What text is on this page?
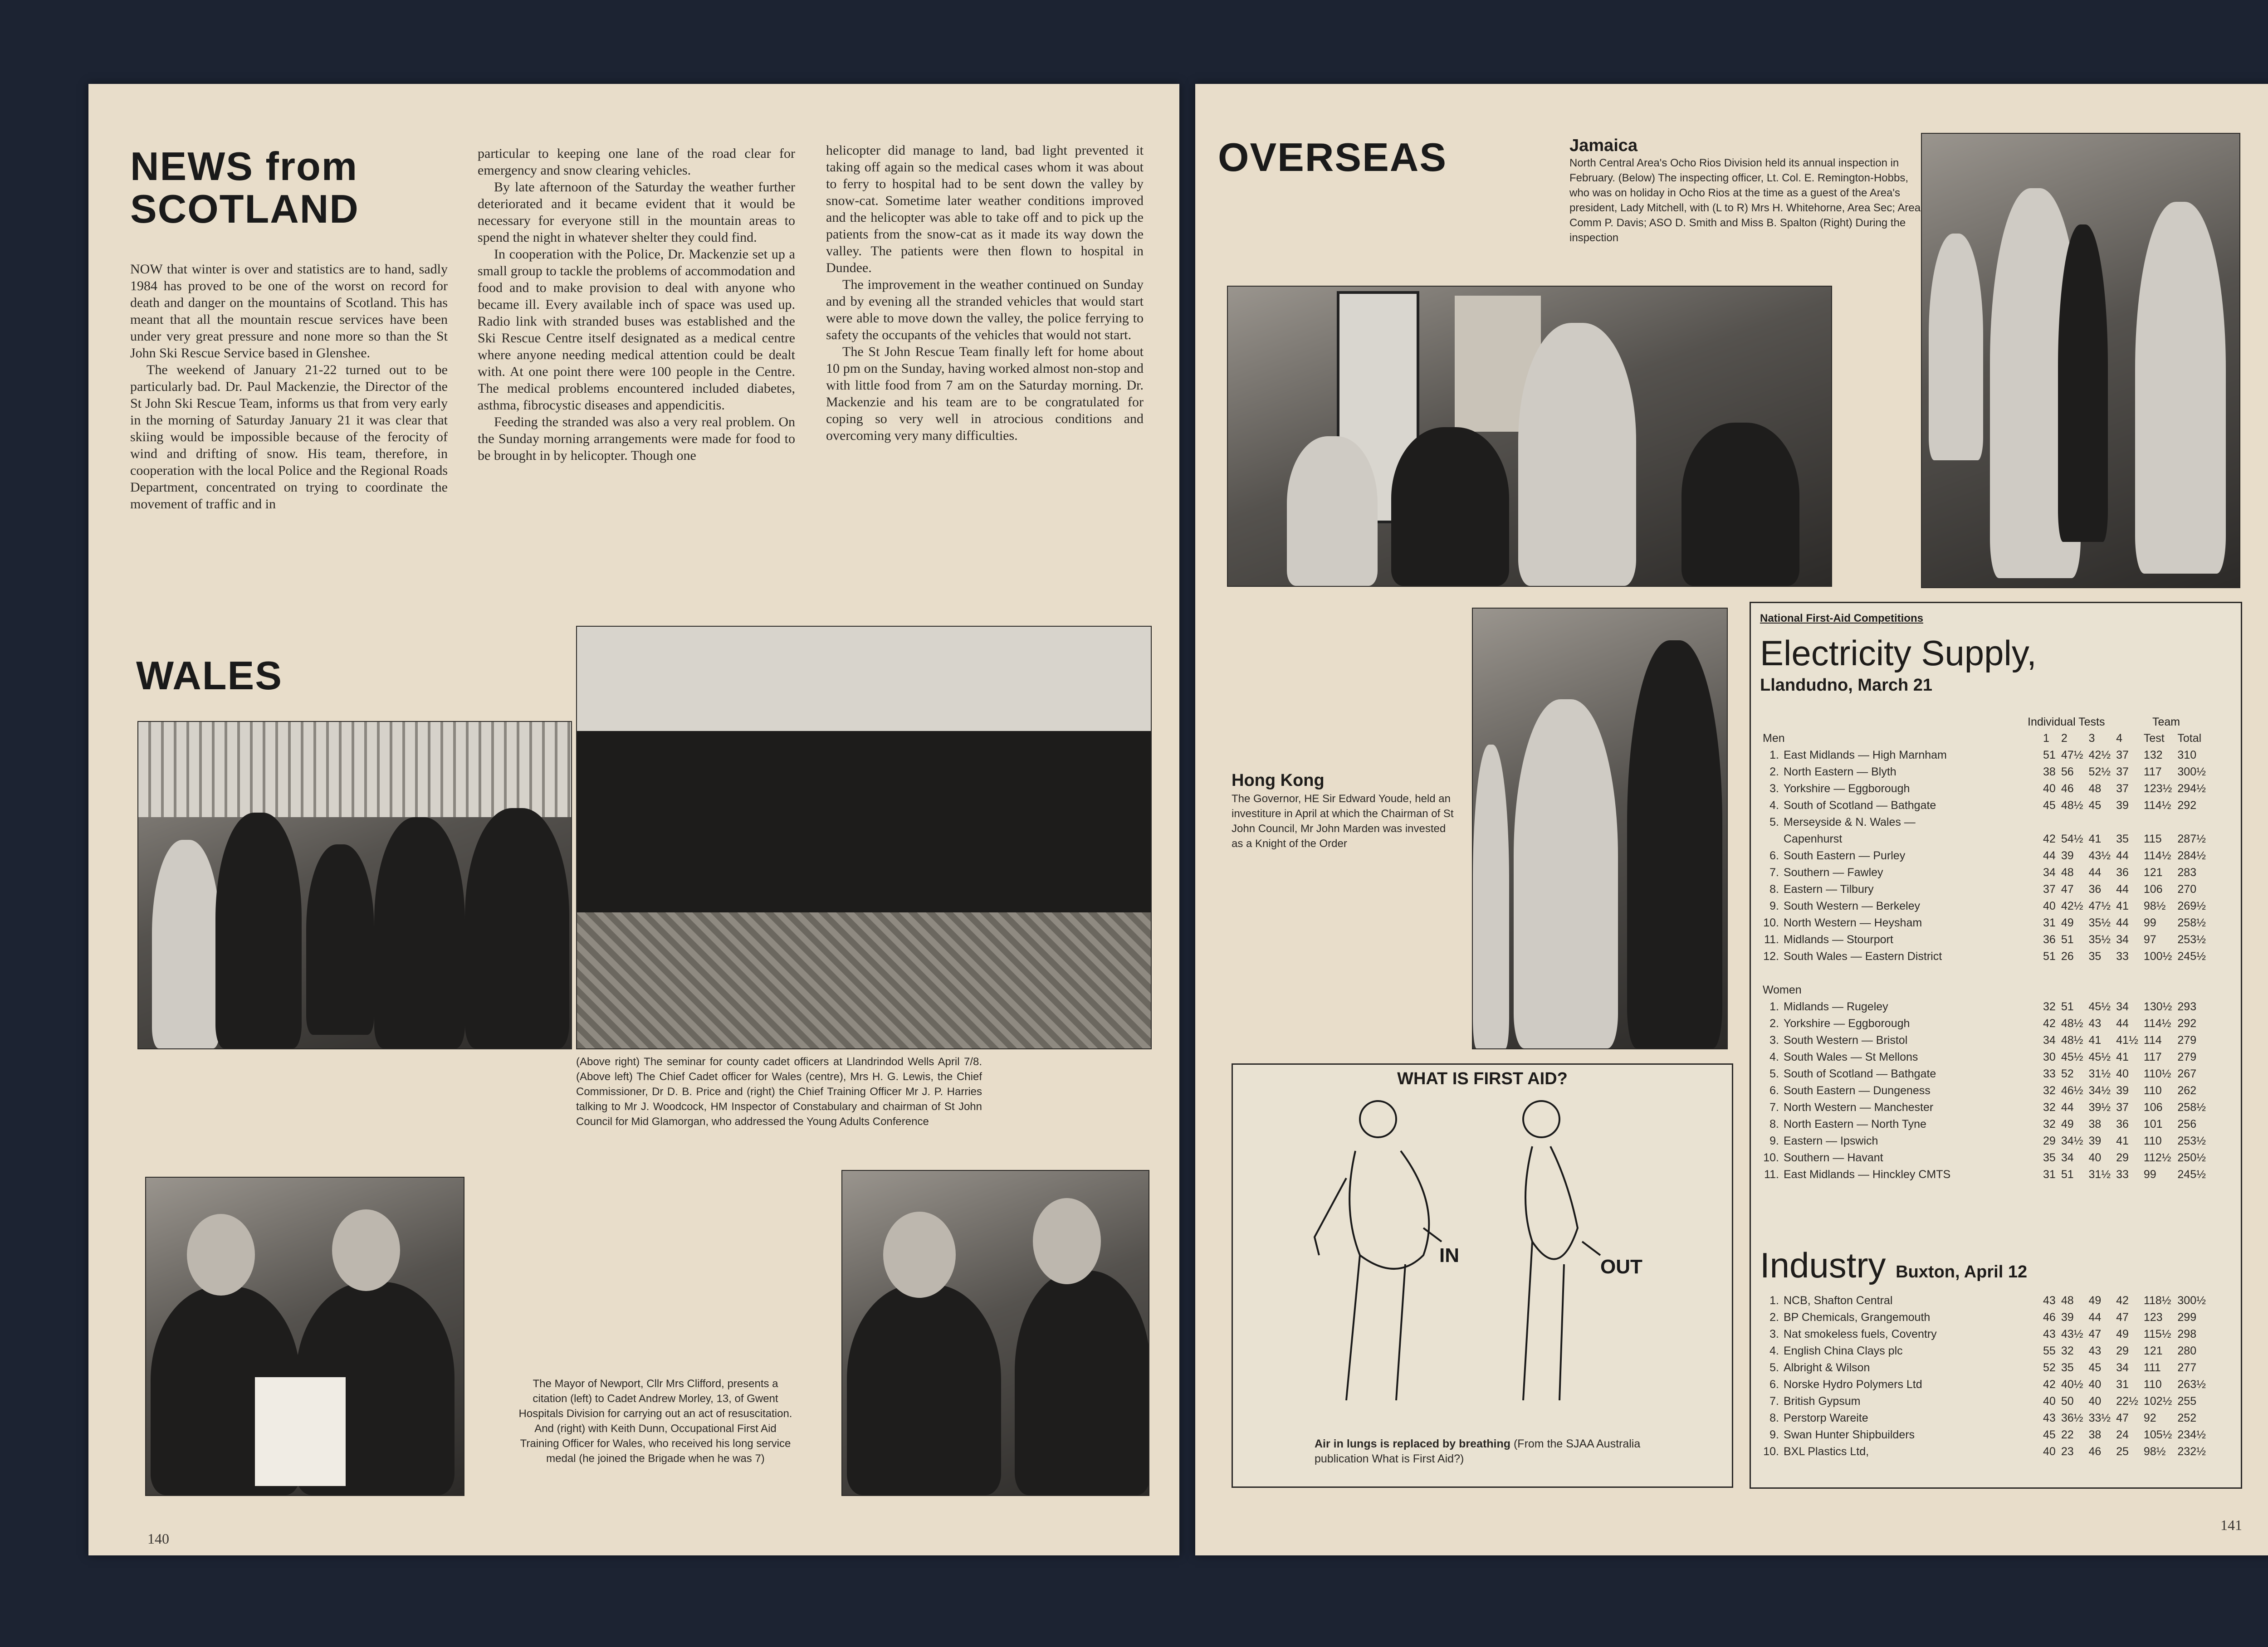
NEWS from
SCOTLAND

NOW that winter is over and statistics are to hand, sadly 1984 has proved to be one of the worst on record for death and danger on the mountains of Scotland. This has meant that all the mountain rescue services have been under very great pressure and none more so than the St John Ski Rescue Service based in Glenshee.

The weekend of January 21-22 turned out to be particularly bad. Dr. Paul Mackenzie, the Director of the St John Ski Rescue Team, informs us that from very early in the morning of Saturday January 21 it was clear that skiing would be impossible because of the ferocity of wind and drifting of snow. His team, therefore, in cooperation with the local Police and the Regional Roads Department, concentrated on trying to coordinate the movement of traffic and in

particular to keeping one lane of the road clear for emergency and snow clearing vehicles.

By late afternoon of the Saturday the weather further deteriorated and it became evident that it would be necessary for everyone still in the mountain areas to spend the night in whatever shelter they could find.

In cooperation with the Police, Dr. Mackenzie set up a small group to tackle the problems of accommodation and food and to make provision to deal with anyone who became ill. Every available inch of space was used up. Radio link with stranded buses was established and the Ski Rescue Centre itself designated as a medical centre where anyone needing medical attention could be dealt with. At one point there were 100 people in the Centre. The medical problems encountered included diabetes, asthma, fibrocystic diseases and appendicitis.

Feeding the stranded was also a very real problem. On the Sunday morning arrangements were made for food to be brought in by helicopter. Though one

helicopter did manage to land, bad light prevented it taking off again so the medical cases whom it was about to ferry to hospital had to be sent down the valley by snow-cat. Sometime later weather conditions improved and the helicopter was able to take off and to pick up the patients from the snow-cat as it made its way down the valley. The patients were then flown to hospital in Dundee.

The improvement in the weather continued on Sunday and by evening all the stranded vehicles that would start were able to move down the valley, the police ferrying to safety the occupants of the vehicles that would not start.

The St John Rescue Team finally left for home about 10 pm on the Sunday, having worked almost non-stop and with little food from 7 am on the Saturday morning. Dr. Mackenzie and his team are to be congratulated for coping so very well in atrocious conditions and overcoming very many difficulties.

WALES
(Above right) The seminar for county cadet officers at Llandrindod Wells April 7/8. (Above left) The Chief Cadet officer for Wales (centre), Mrs H. G. Lewis, the Chief Commissioner, Dr D. B. Price and (right) the Chief Training Officer Mr J. P. Harries talking to Mr J. Woodcock, HM Inspector of Constabulary and chairman of St John Council for Mid Glamorgan, who addressed the Young Adults Conference
The Mayor of Newport, Cllr Mrs Clifford, presents a citation (left) to Cadet Andrew Morley, 13, of Gwent Hospitals Division for carrying out an act of resuscitation. And (right) with Keith Dunn, Occupational First Aid Training Officer for Wales, who received his long service medal (he joined the Brigade when he was 7)
140
OVERSEAS	Jamaica
North Central Area's Ocho Rios Division held its annual inspection in February. (Below) The inspecting officer, Lt. Col. E. Remington-Hobbs, who was on holiday in Ocho Rios at the time as a guest of the Area's president, Lady Mitchell, with (L to R) Mrs H. Whitehorne, Area Sec; Area Comm P. Davis; ASO D. Smith and Miss B. Spalton (Right) During the inspection
Hong Kong
The Governor, HE Sir Edward Youde, held an investiture in April at which the Chairman of St John Council, Mr John Marden was invested as a Knight of the Order
WHAT IS FIRST AID?
IN
OUT
Air in lungs is replaced by breathing (From the SJAA Australia publication What is First Aid?)
National First-Aid Competitions
Electricity Supply,
Llandudno, March 21
Individual Tests	Team
Men		1	2	3	4	Test	Total
1.	East Midlands — High Marnham	51	47½	42½	37	132	310
2.	North Eastern — Blyth	38	56	52½	37	117	300½
3.	Yorkshire — Eggborough	40	46	48	37	123½	294½
4.	South of Scotland — Bathgate	45	48½	45	39	114½	292
5.	Merseyside & N. Wales —						
	Capenhurst	42	54½	41	35	115	287½
6.	South Eastern — Purley	44	39	43½	44	114½	284½
7.	Southern — Fawley	34	48	44	36	121	283
8.	Eastern — Tilbury	37	47	36	44	106	270
9.	South Western — Berkeley	40	42½	47½	41	98½	269½
10.	North Western — Heysham	31	49	35½	44	99	258½
11.	Midlands — Stourport	36	51	35½	34	97	253½
12.	South Wales — Eastern District	51	26	35	33	100½	245½

Women							
1.	Midlands — Rugeley	32	51	45½	34	130½	293
2.	Yorkshire — Eggborough	42	48½	43	44	114½	292
3.	South Western — Bristol	34	48½	41	41½	114	279
4.	South Wales — St Mellons	30	45½	45½	41	117	279
5.	South of Scotland — Bathgate	33	52	31½	40	110½	267
6.	South Eastern — Dungeness	32	46½	34½	39	110	262
7.	North Western — Manchester	32	44	39½	37	106	258½
8.	North Eastern — North Tyne	32	49	38	36	101	256
9.	Eastern — Ipswich	29	34½	39	41	110	253½
10.	Southern — Havant	35	34	40	29	112½	250½
11.	East Midlands — Hinckley CMTS	31	51	31½	33	99	245½
Industry Buxton, April 12
1.	NCB, Shafton Central	43	48	49	42	118½	300½
2.	BP Chemicals, Grangemouth	46	39	44	47	123	299
3.	Nat smokeless fuels, Coventry	43	43½	47	49	115½	298
4.	English China Clays plc	55	32	43	29	121	280
5.	Albright & Wilson	52	35	45	34	111	277
6.	Norske Hydro Polymers Ltd	42	40½	40	31	110	263½
7.	British Gypsum	40	50	40	22½	102½	255
8.	Perstorp Wareite	43	36½	33½	47	92	252
9.	Swan Hunter Shipbuilders	45	22	38	24	105½	234½
10.	BXL Plastics Ltd,	40	23	46	25	98½	232½
141
